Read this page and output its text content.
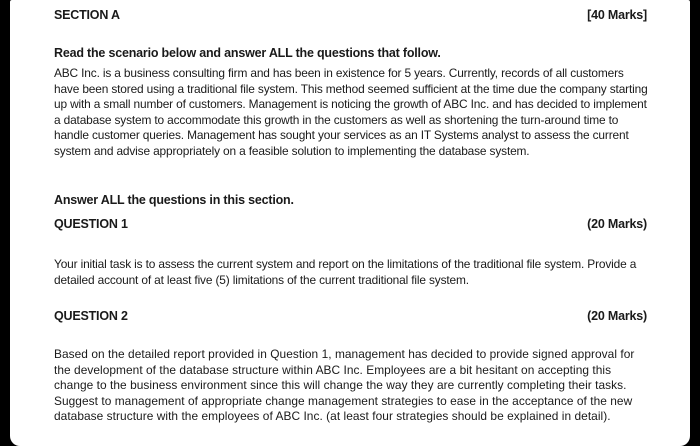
SECTION A	[40 Marks]
Read the scenario below and answer ALL the questions that follow.

ABC Inc. is a business consulting firm and has been in existence for 5 years. Currently, records of all customers have been stored using a traditional file system. This method seemed sufficient at the time due the company starting up with a small number of customers. Management is noticing the growth of ABC Inc. and has decided to implement a database system to accommodate this growth in the customers as well as shortening the turn-around time to handle customer queries. Management has sought your services as an IT Systems analyst to assess the current system and advise appropriately on a feasible solution to implementing the database system.

Answer ALL the questions in this section.
QUESTION 1	(20 Marks)

Your initial task is to assess the current system and report on the limitations of the traditional file system. Provide a detailed account of at least five (5) limitations of the current traditional file system.

QUESTION 2	(20 Marks)

Based on the detailed report provided in Question 1, management has decided to provide signed approval for the development of the database structure within ABC Inc. Employees are a bit hesitant on accepting this change to the business environment since this will change the way they are currently completing their tasks. Suggest to management of appropriate change management strategies to ease in the acceptance of the new database structure with the employees of ABC Inc. (at least four strategies should be explained in detail).
